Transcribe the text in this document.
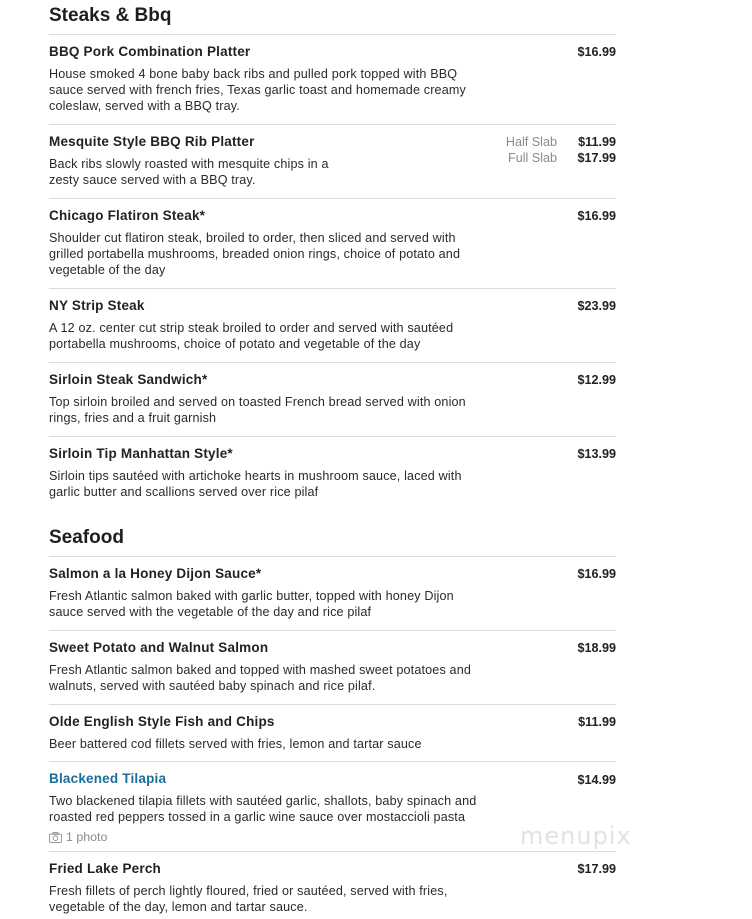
Steaks & Bbq
BBQ Pork Combination Platter	$16.99
House smoked 4 bone baby back ribs and pulled pork topped with BBQ sauce served with french fries, Texas garlic toast and homemade creamy coleslaw, served with a BBQ tray.
Mesquite Style BBQ Rib Platter	Half Slab $11.99
Full Slab $17.99
Back ribs slowly roasted with mesquite chips in a zesty sauce served with a BBQ tray.
Chicago Flatiron Steak*	$16.99
Shoulder cut flatiron steak, broiled to order, then sliced and served with grilled portabella mushrooms, breaded onion rings, choice of potato and vegetable of the day
NY Strip Steak	$23.99
A 12 oz. center cut strip steak broiled to order and served with sautéed portabella mushrooms, choice of potato and vegetable of the day
Sirloin Steak Sandwich*	$12.99
Top sirloin broiled and served on toasted French bread served with onion rings, fries and a fruit garnish
Sirloin Tip Manhattan Style*	$13.99
Sirloin tips sautéed with artichoke hearts in mushroom sauce, laced with garlic butter and scallions served over rice pilaf
Seafood
Salmon a la Honey Dijon Sauce*	$16.99
Fresh Atlantic salmon baked with garlic butter, topped with honey Dijon sauce served with the vegetable of the day and rice pilaf
Sweet Potato and Walnut Salmon	$18.99
Fresh Atlantic salmon baked and topped with mashed sweet potatoes and walnuts, served with sautéed baby spinach and rice pilaf.
Olde English Style Fish and Chips	$11.99
Beer battered cod fillets served with fries, lemon and tartar sauce
Blackened Tilapia	$14.99
Two blackened tilapia fillets with sautéed garlic, shallots, baby spinach and roasted red peppers tossed in a garlic wine sauce over mostaccioli pasta
1 photo
Fried Lake Perch	$17.99
Fresh fillets of perch lightly floured, fried or sautéed, served with fries, vegetable of the day, lemon and tartar sauce.
menupix
